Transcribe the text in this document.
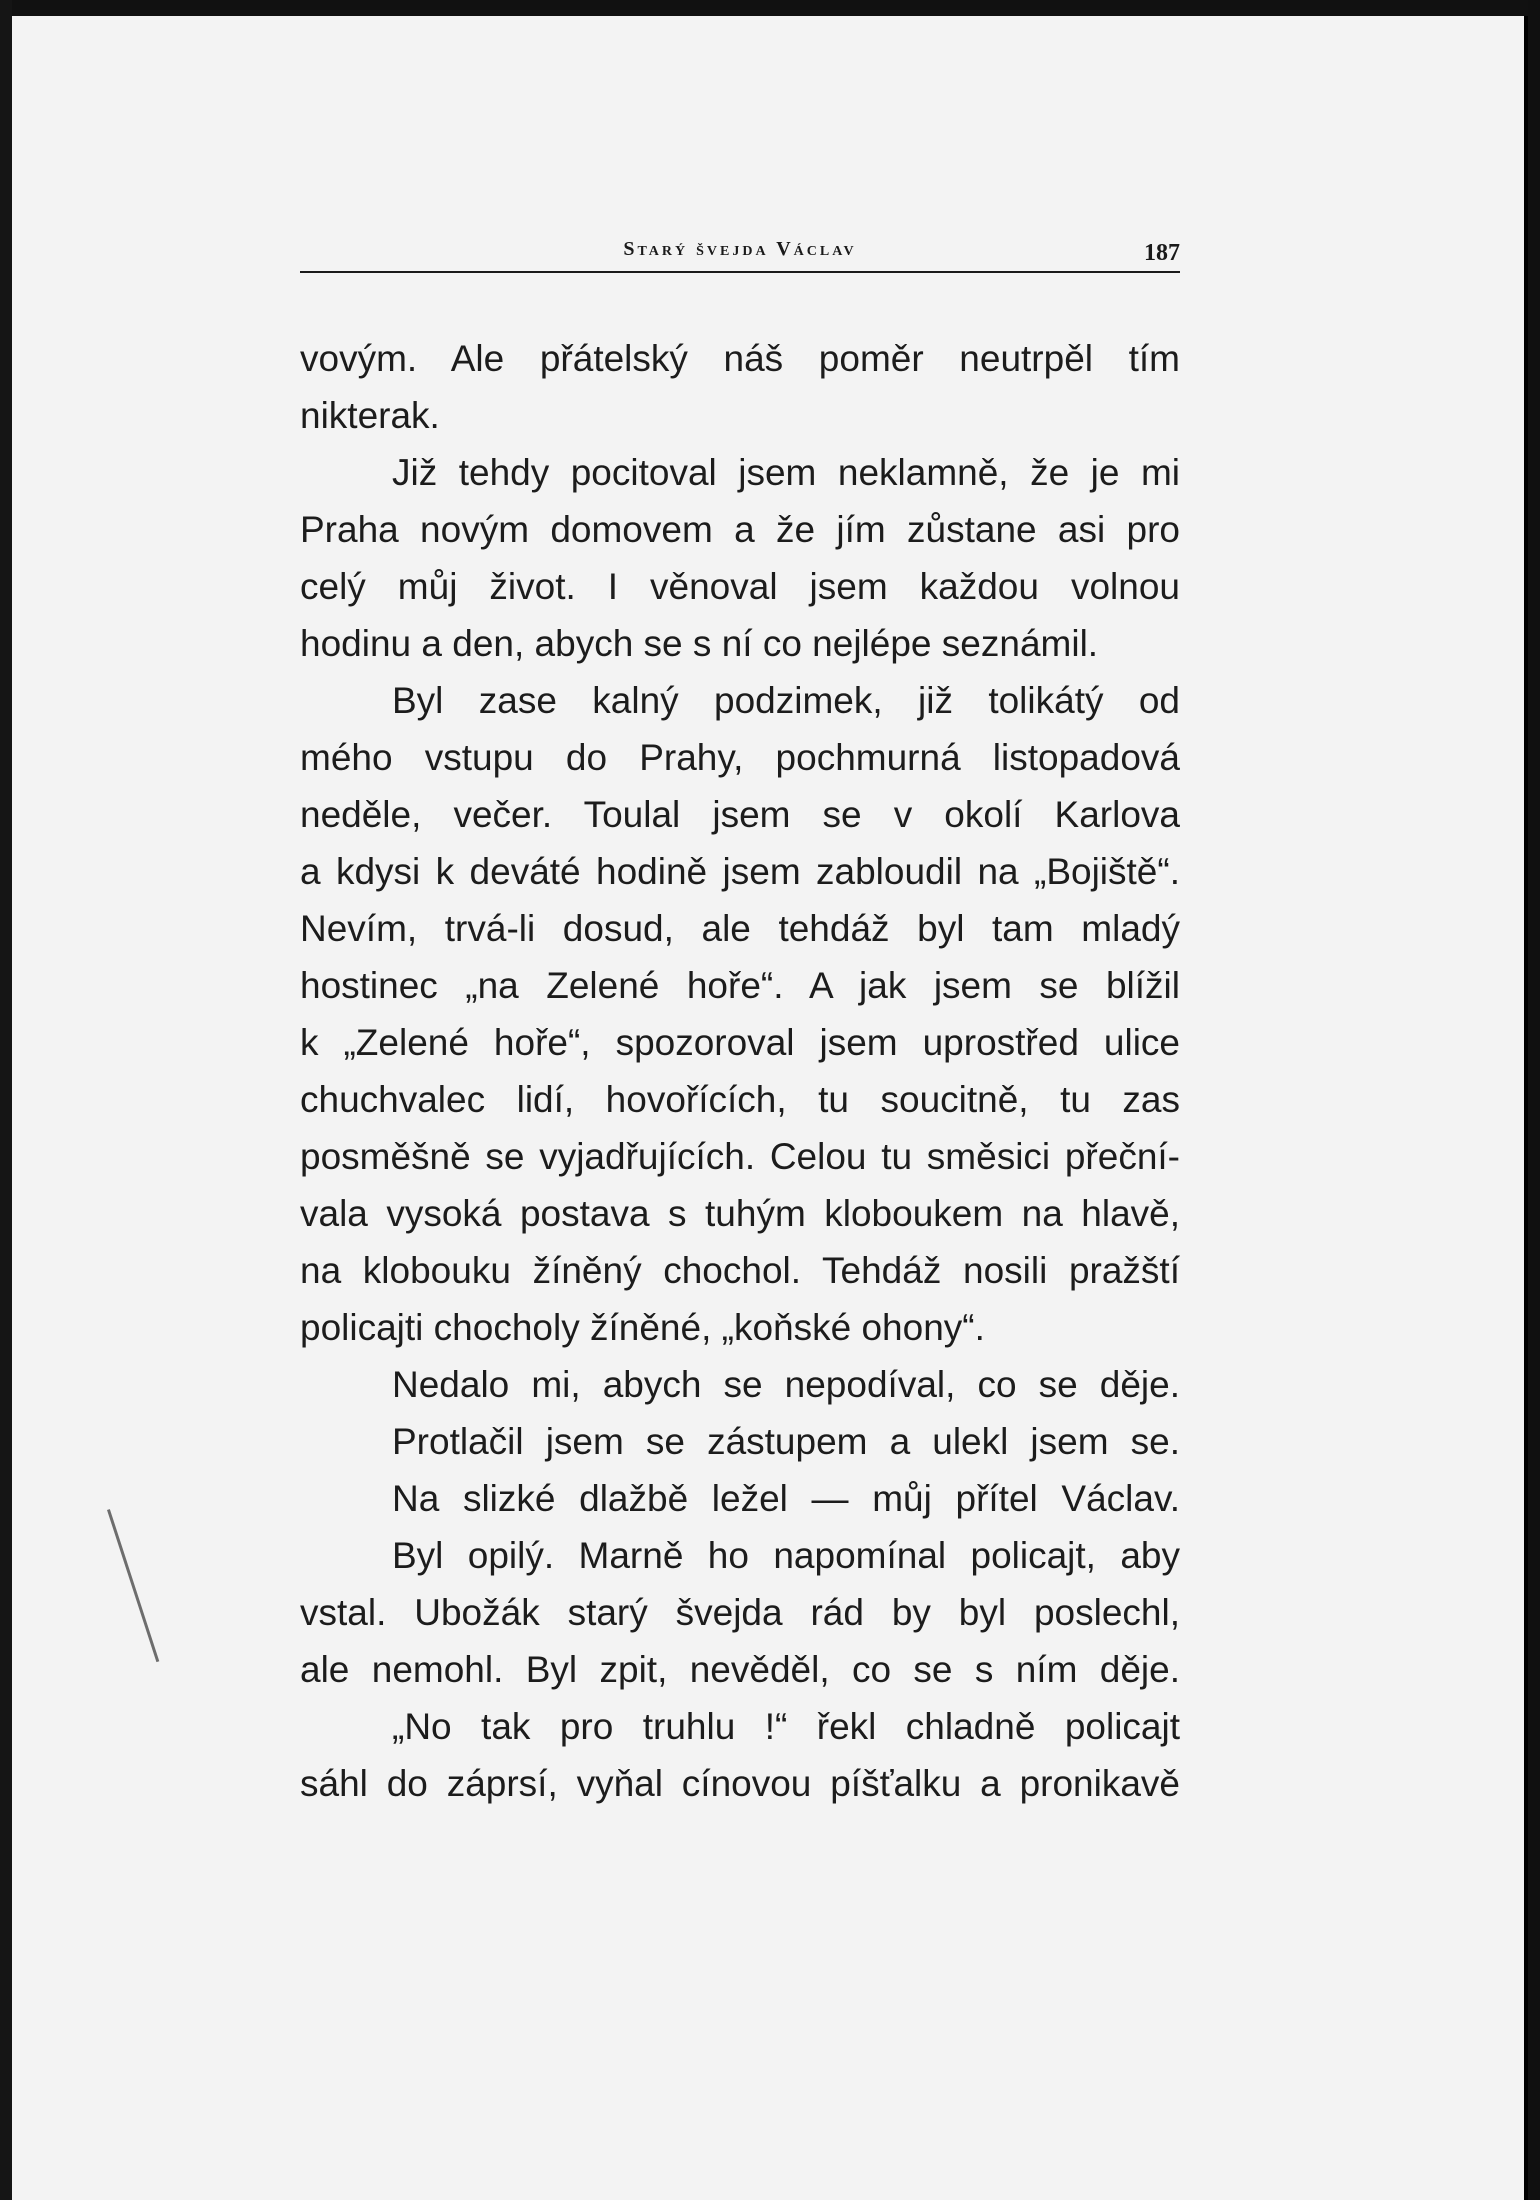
Starý švejda Václav	187
vovým. Ale přátelský náš poměr neutrpěl tím
nikterak.
Již tehdy pocitoval jsem neklamně, že je mi
Praha novým domovem a že jím zůstane asi pro
celý můj život. I věnoval jsem každou volnou
hodinu a den, abych se s ní co nejlépe seznámil.
Byl zase kalný podzimek, již tolikátý od
mého vstupu do Prahy, pochmurná listopadová
neděle, večer. Toulal jsem se v okolí Karlova
a kdysi k deváté hodině jsem zabloudil na „Bojiště“.
Nevím, trvá-li dosud, ale tehdáž byl tam mladý
hostinec „na Zelené hoře“. A jak jsem se blížil
k „Zelené hoře“, spozoroval jsem uprostřed ulice
chuchvalec lidí, hovořících, tu soucitně, tu zas
posměšně se vyjadřujících. Celou tu směsici přeční-
vala vysoká postava s tuhým kloboukem na hlavě,
na klobouku žíněný chochol. Tehdáž nosili pražští
policajti chocholy žíněné, „koňské ohony“.
Nedalo mi, abych se nepodíval, co se děje.
Protlačil jsem se zástupem a ulekl jsem se.
Na slizké dlažbě ležel — můj přítel Václav.
Byl opilý. Marně ho napomínal policajt, aby
vstal. Ubožák starý švejda rád by byl poslechl,
ale nemohl. Byl zpit, nevěděl, co se s ním děje.
„No tak pro truhlu !“ řekl chladně policajt
sáhl do záprsí, vyňal cínovou píšťalku a pronikavě
